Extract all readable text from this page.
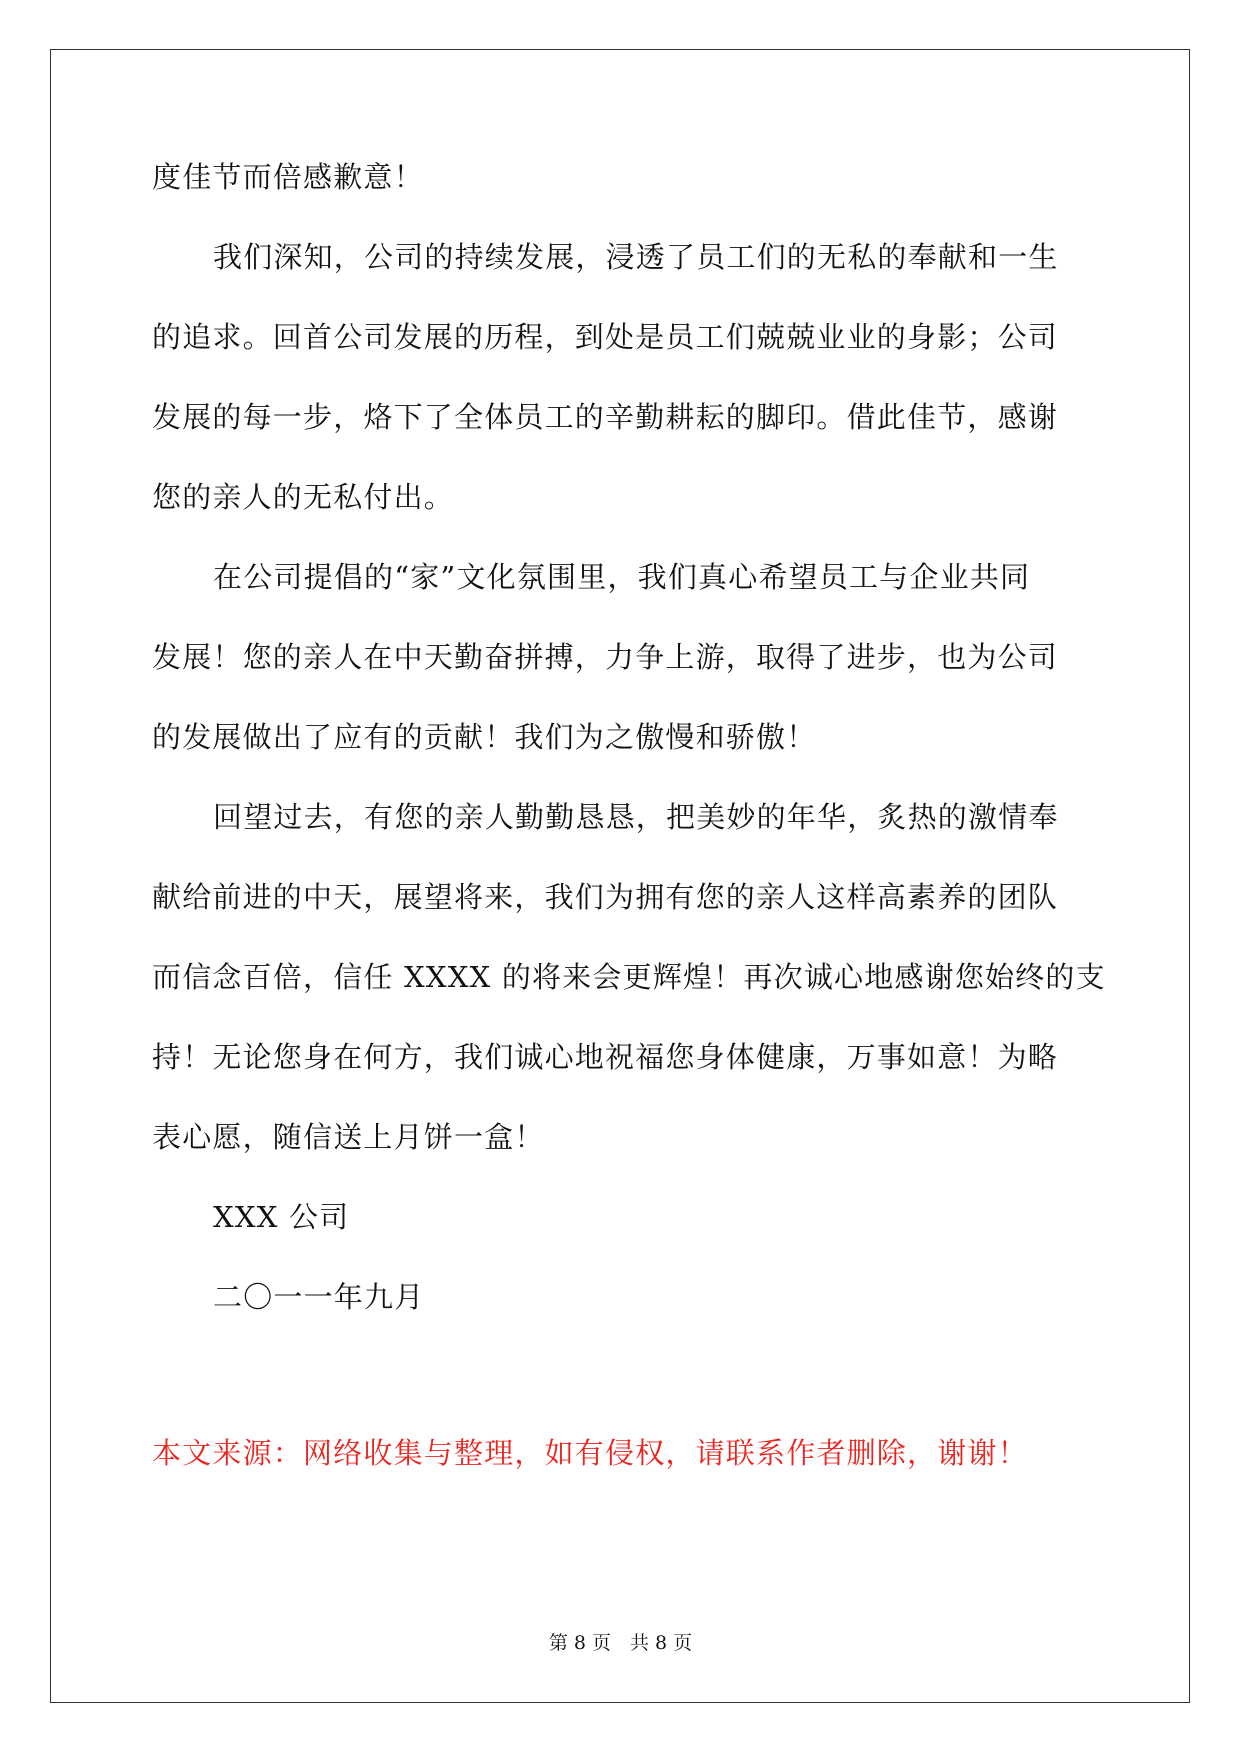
度佳节而倍感歉意！
我们深知，公司的持续发展，浸透了员工们的无私的奉献和一生
的追求。回首公司发展的历程，到处是员工们兢兢业业的身影；公司
发展的每一步，烙下了全体员工的辛勤耕耘的脚印。借此佳节，感谢
您的亲人的无私付出。
在公司提倡的“家”文化氛围里，我们真心希望员工与企业共同
发展！您的亲人在中天勤奋拼搏，力争上游，取得了进步，也为公司
的发展做出了应有的贡献！我们为之傲慢和骄傲！
回望过去，有您的亲人勤勤恳恳，把美妙的年华，炙热的激情奉
献给前进的中天，展望将来，我们为拥有您的亲人这样高素养的团队
而信念百倍，信任 XXXX 的将来会更辉煌！再次诚心地感谢您始终的支
持！无论您身在何方，我们诚心地祝福您身体健康，万事如意！为略
表心愿，随信送上月饼一盒！
XXX 公司
二〇一一年九月
本文来源：网络收集与整理，如有侵权，请联系作者删除，谢谢！
第 8 页　共 8 页
